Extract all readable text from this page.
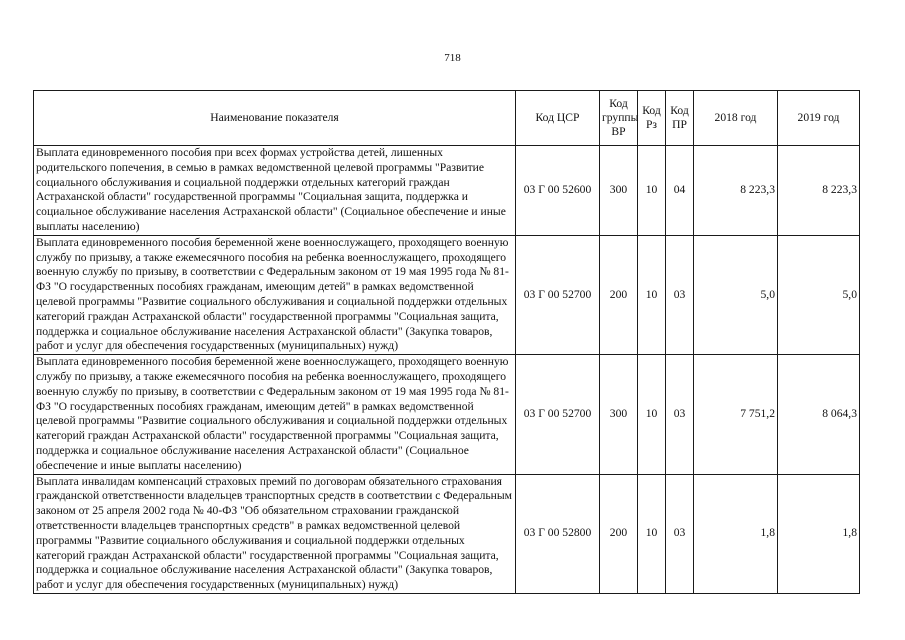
718
Наименование показателя	Код ЦСР	Код группы ВР	Код Рз	Код ПР	2018 год	2019 год
Выплата единовременного пособия при всех формах устройства детей, лишенных родительского попечения, в семью в рамках ведомственной целевой программы "Развитие социального обслуживания и социальной поддержки отдельных категорий граждан Астраханской области" государственной программы "Социальная защита, поддержка и социальное обслуживание населения Астраханской области" (Социальное обеспечение и иные выплаты населению)	03 Г 00 52600	300	10	04	8 223,3	8 223,3
Выплата единовременного пособия беременной жене военнослужащего, проходящего военную службу по призыву, а также ежемесячного пособия на ребенка военнослужащего, проходящего военную службу по призыву, в соответствии с Федеральным законом от 19 мая 1995 года № 81-ФЗ "О государственных пособиях гражданам, имеющим детей" в рамках ведомственной целевой программы "Развитие социального обслуживания и социальной поддержки отдельных категорий граждан Астраханской области" государственной программы "Социальная защита, поддержка и социальное обслуживание населения Астраханской области" (Закупка товаров, работ и услуг для обеспечения государственных (муниципальных) нужд)	03 Г 00 52700	200	10	03	5,0	5,0
Выплата единовременного пособия беременной жене военнослужащего, проходящего военную службу по призыву, а также ежемесячного пособия на ребенка военнослужащего, проходящего военную службу по призыву, в соответствии с Федеральным законом от 19 мая 1995 года № 81-ФЗ "О государственных пособиях гражданам, имеющим детей" в рамках ведомственной целевой программы "Развитие социального обслуживания и социальной поддержки отдельных категорий граждан Астраханской области" государственной программы "Социальная защита, поддержка и социальное обслуживание населения Астраханской области" (Социальное обеспечение и иные выплаты населению)	03 Г 00 52700	300	10	03	7 751,2	8 064,3
Выплата инвалидам компенсаций страховых премий по договорам обязательного страхования гражданской ответственности владельцев транспортных средств в соответствии с Федеральным законом от 25 апреля 2002 года № 40-ФЗ "Об обязательном страховании гражданской ответственности владельцев транспортных средств" в рамках ведомственной целевой программы "Развитие социального обслуживания и социальной поддержки отдельных категорий граждан Астраханской области" государственной программы "Социальная защита, поддержка и социальное обслуживание населения Астраханской области" (Закупка товаров, работ и услуг для обеспечения государственных (муниципальных) нужд)	03 Г 00 52800	200	10	03	1,8	1,8
